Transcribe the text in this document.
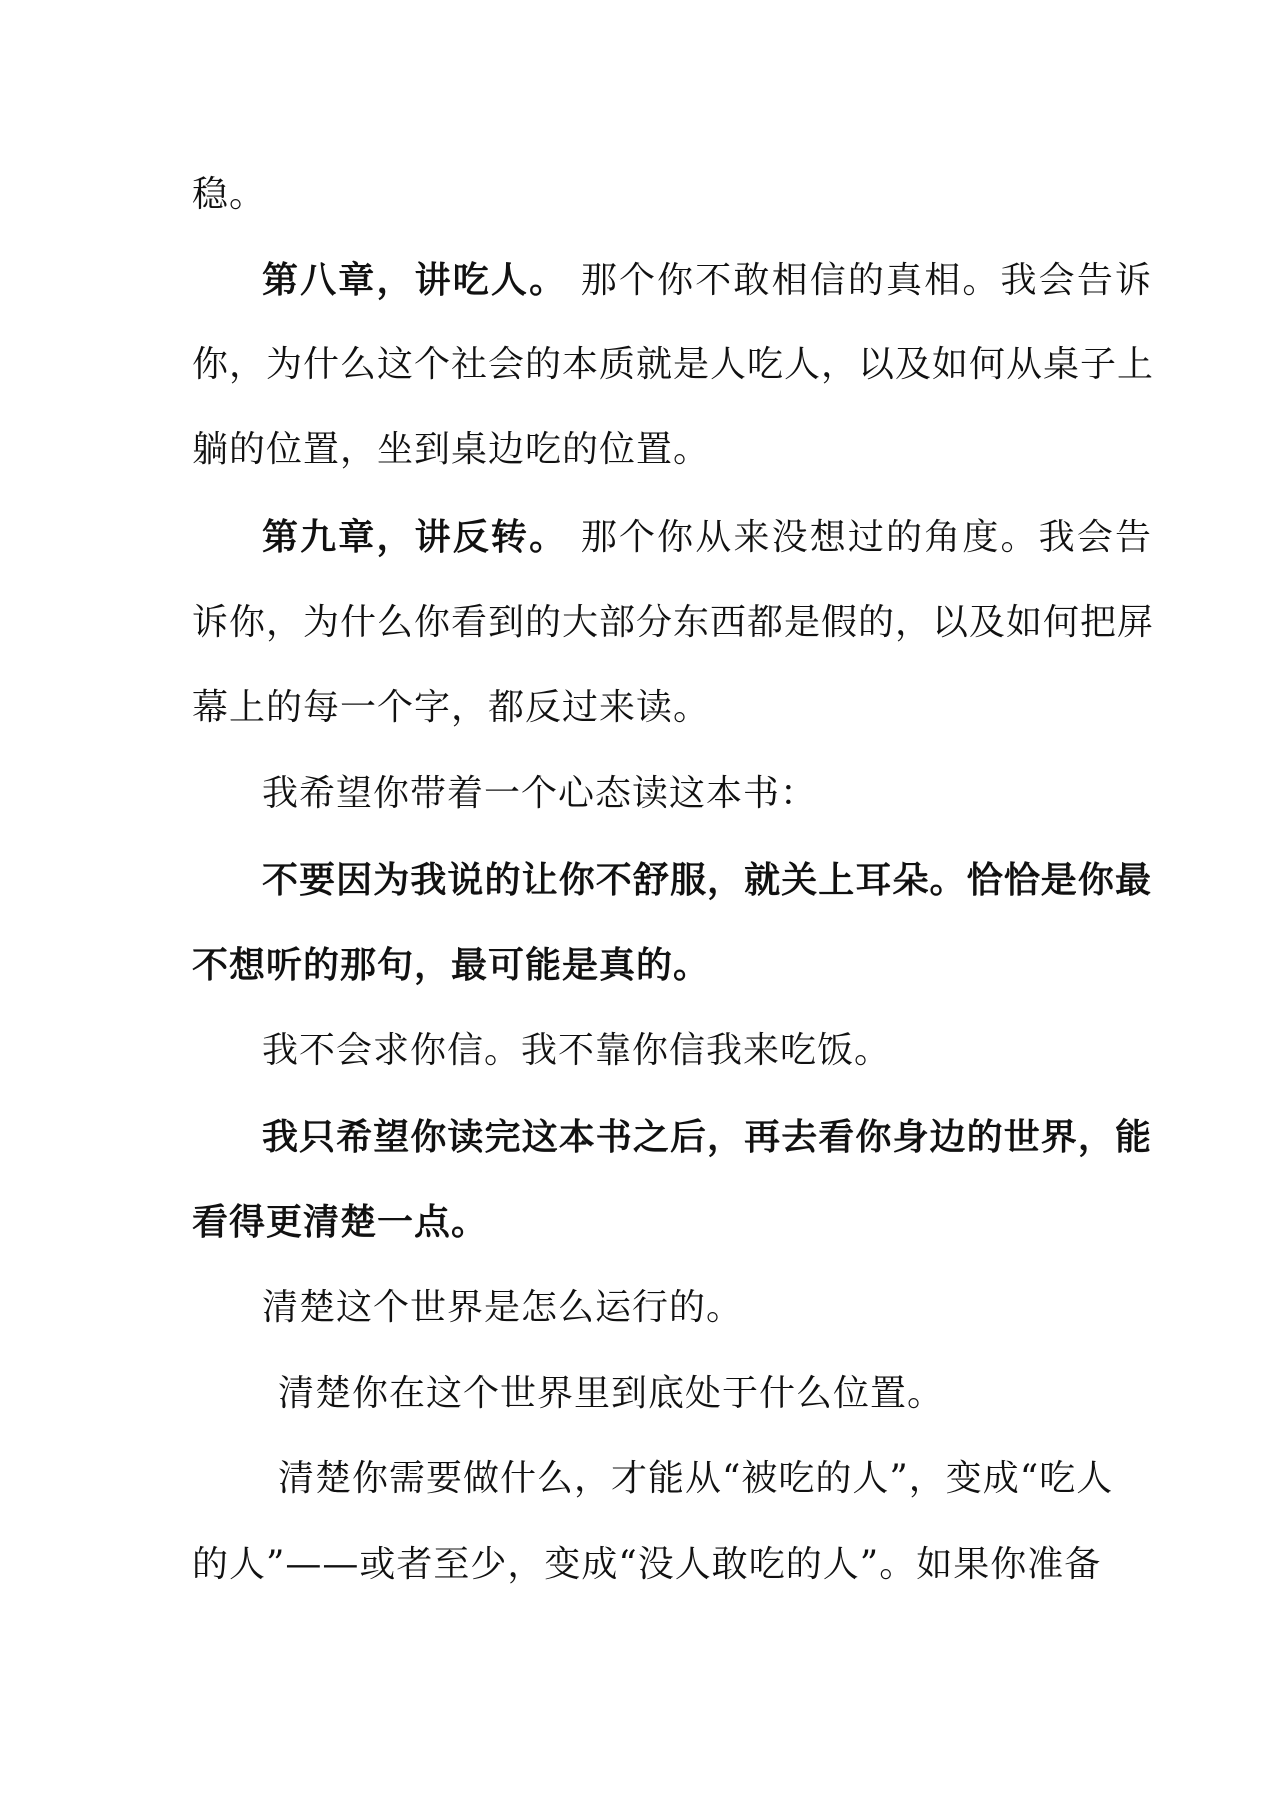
稳。
第八章，讲吃人。 那个你不敢相信的真相。我会告诉
你，为什么这个社会的本质就是人吃人，以及如何从桌子上
躺的位置，坐到桌边吃的位置。
第九章，讲反转。 那个你从来没想过的角度。我会告
诉你，为什么你看到的大部分东西都是假的，以及如何把屏
幕上的每一个字，都反过来读。
我希望你带着一个心态读这本书：
不要因为我说的让你不舒服，就关上耳朵。恰恰是你最
不想听的那句，最可能是真的。
我不会求你信。我不靠你信我来吃饭。
我只希望你读完这本书之后，再去看你身边的世界，能
看得更清楚一点。
清楚这个世界是怎么运行的。
清楚你在这个世界里到底处于什么位置。
清楚你需要做什么，才能从“被吃的人”，变成“吃人
的人”——或者至少，变成“没人敢吃的人”。如果你准备
